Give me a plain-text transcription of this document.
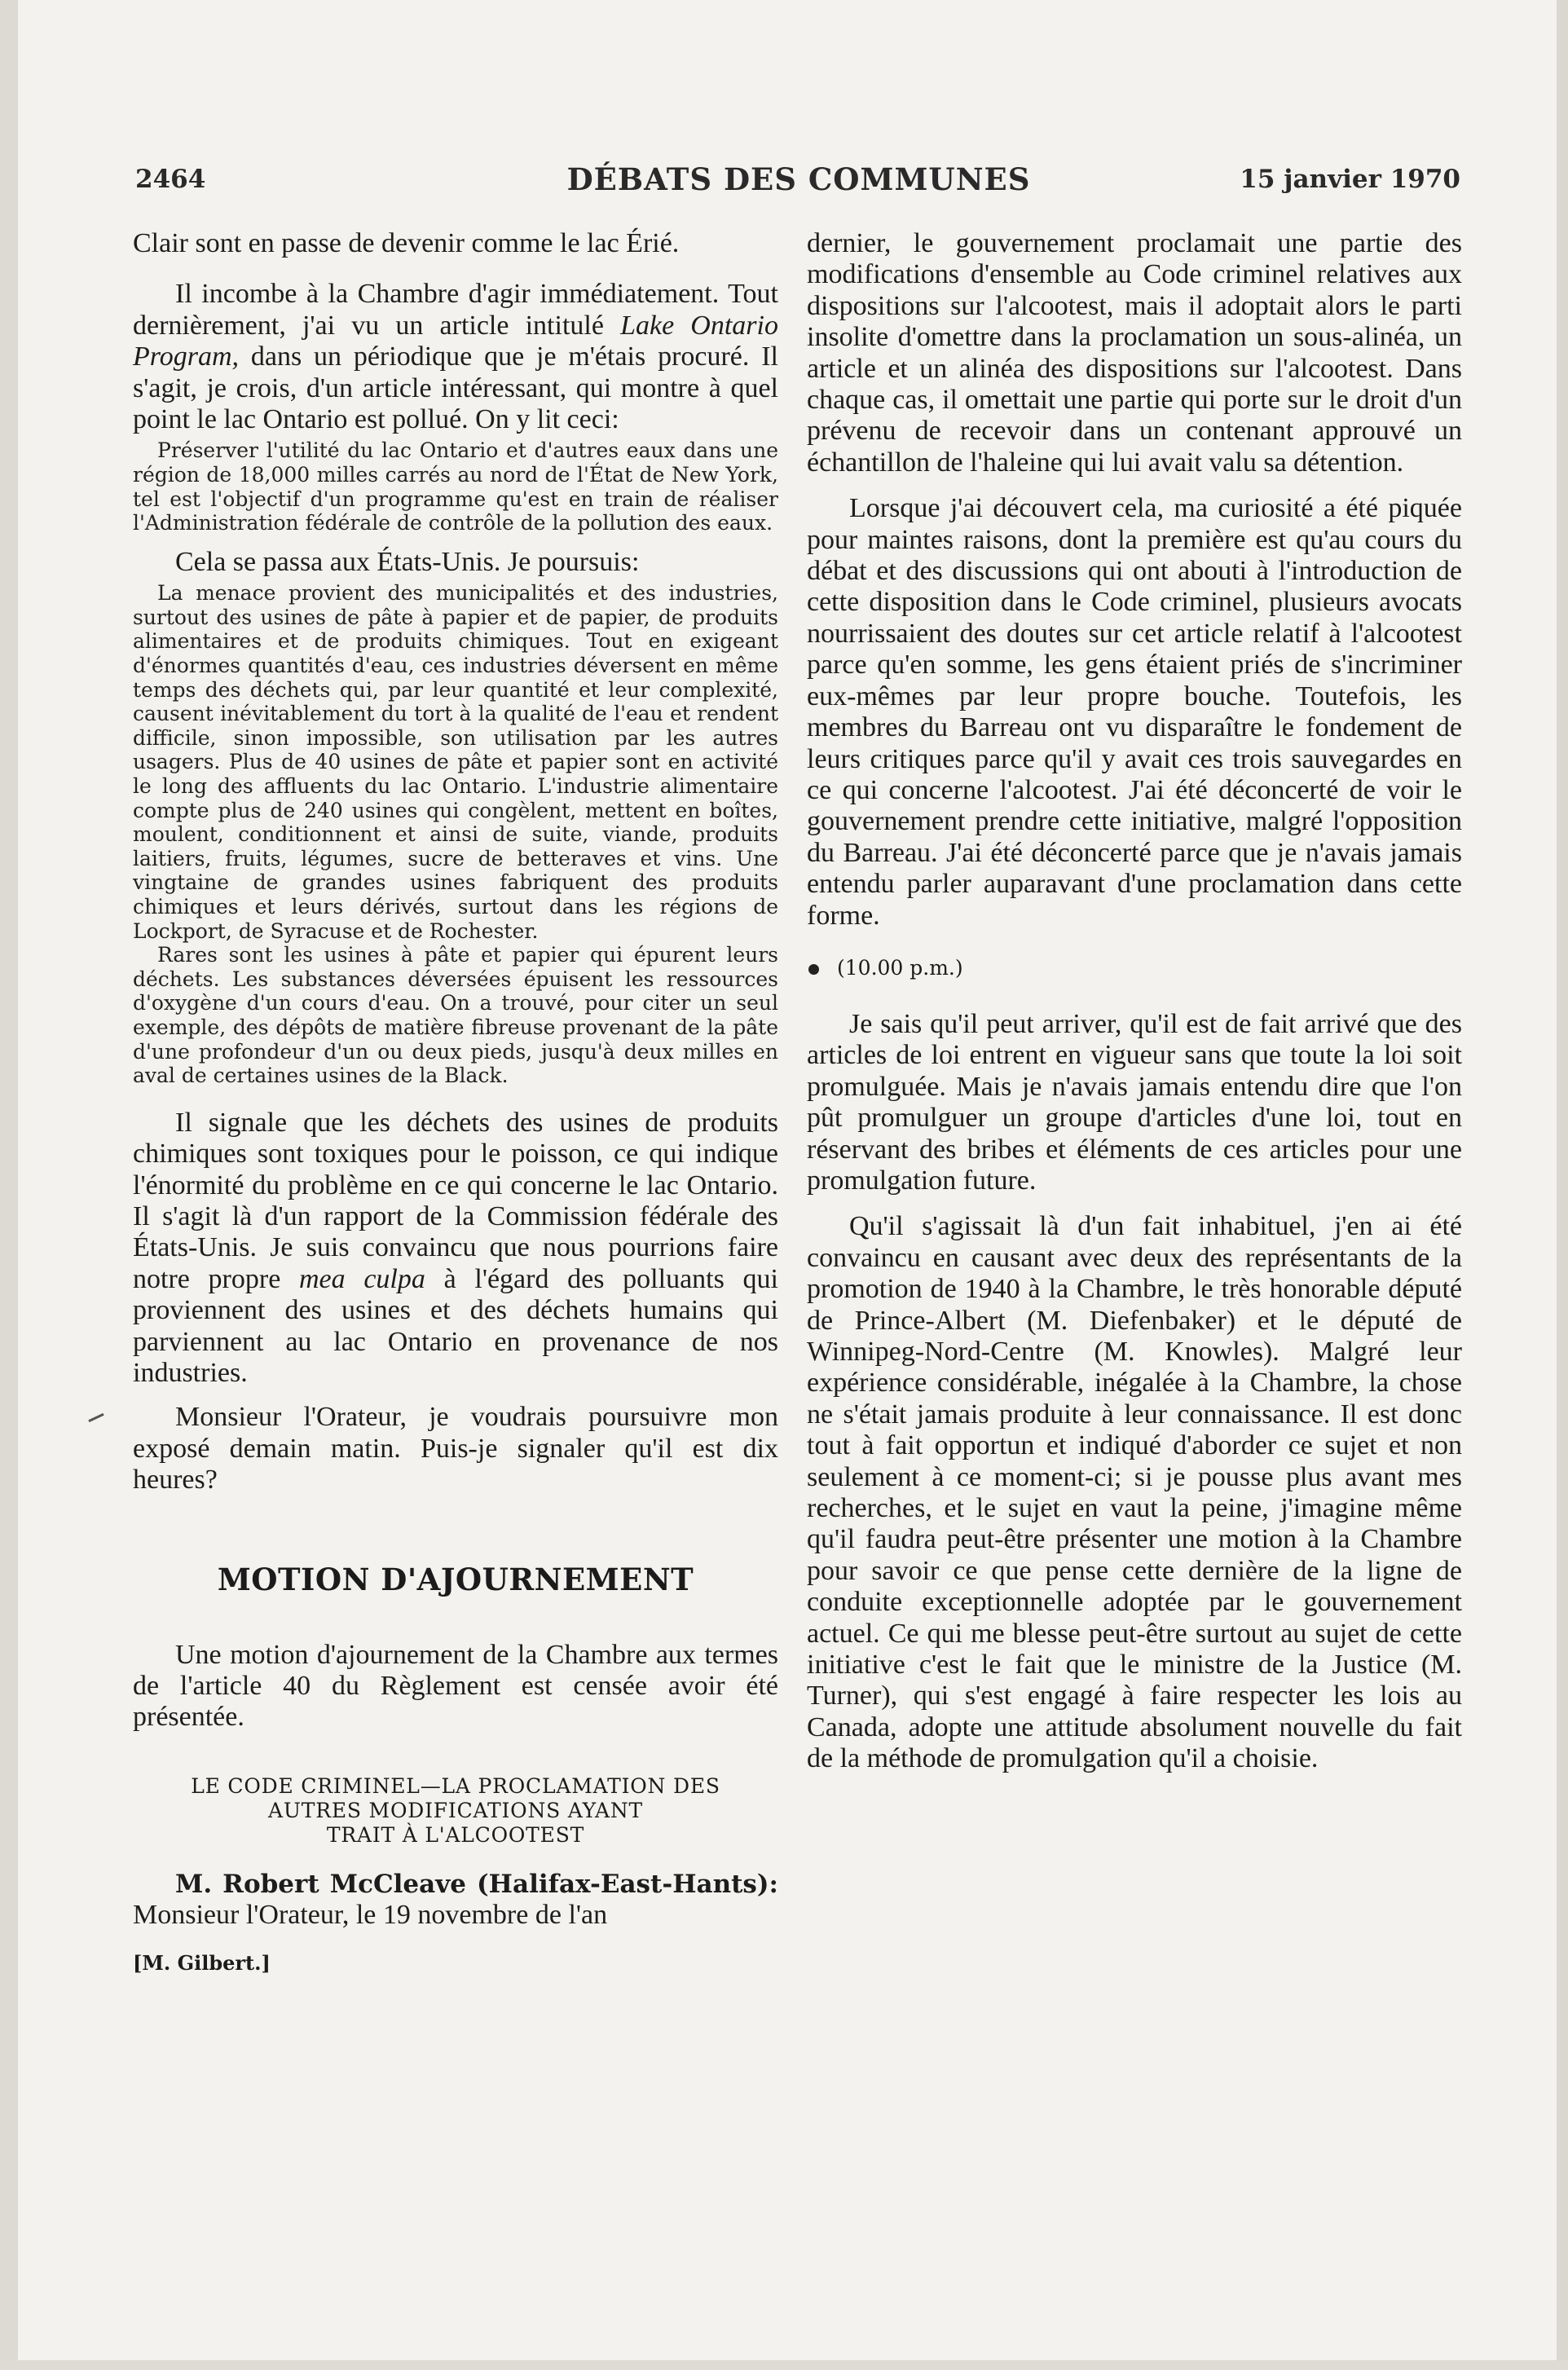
2464	DÉBATS DES COMMUNES	15 janvier 1970

Clair sont en passe de devenir comme le lac Érié.

Il incombe à la Chambre d'agir immédiatement. Tout dernièrement, j'ai vu un article intitulé Lake Ontario Program, dans un périodique que je m'étais procuré. Il s'agit, je crois, d'un article intéressant, qui montre à quel point le lac Ontario est pollué. On y lit ceci:

Préserver l'utilité du lac Ontario et d'autres eaux dans une région de 18,000 milles carrés au nord de l'État de New York, tel est l'objectif d'un programme qu'est en train de réaliser l'Administration fédérale de contrôle de la pollution des eaux.

Cela se passa aux États-Unis. Je poursuis:

La menace provient des municipalités et des industries, surtout des usines de pâte à papier et de papier, de produits alimentaires et de produits chimiques. Tout en exigeant d'énormes quantités d'eau, ces industries déversent en même temps des déchets qui, par leur quantité et leur complexité, causent inévitablement du tort à la qualité de l'eau et rendent difficile, sinon impossible, son utilisation par les autres usagers. Plus de 40 usines de pâte et papier sont en activité le long des affluents du lac Ontario. L'industrie alimentaire compte plus de 240 usines qui congèlent, mettent en boîtes, moulent, conditionnent et ainsi de suite, viande, produits laitiers, fruits, légumes, sucre de betteraves et vins. Une vingtaine de grandes usines fabriquent des produits chimiques et leurs dérivés, surtout dans les régions de Lockport, de Syracuse et de Rochester.

Rares sont les usines à pâte et papier qui épurent leurs déchets. Les substances déversées épuisent les ressources d'oxygène d'un cours d'eau. On a trouvé, pour citer un seul exemple, des dépôts de matière fibreuse provenant de la pâte d'une profondeur d'un ou deux pieds, jusqu'à deux milles en aval de certaines usines de la Black.

Il signale que les déchets des usines de produits chimiques sont toxiques pour le poisson, ce qui indique l'énormité du problème en ce qui concerne le lac Ontario. Il s'agit là d'un rapport de la Commission fédérale des États-Unis. Je suis convaincu que nous pourrions faire notre propre mea culpa à l'égard des polluants qui proviennent des usines et des déchets humains qui parviennent au lac Ontario en provenance de nos industries.

Monsieur l'Orateur, je voudrais poursuivre mon exposé demain matin. Puis-je signaler qu'il est dix heures?

MOTION D'AJOURNEMENT

Une motion d'ajournement de la Chambre aux termes de l'article 40 du Règlement est censée avoir été présentée.

LE CODE CRIMINEL—LA PROCLAMATION DES
AUTRES MODIFICATIONS AYANT
TRAIT À L'ALCOOTEST

M. Robert McCleave (Halifax-East-Hants): Monsieur l'Orateur, le 19 novembre de l'an

[M. Gilbert.]

dernier, le gouvernement proclamait une partie des modifications d'ensemble au Code criminel relatives aux dispositions sur l'alcootest, mais il adoptait alors le parti insolite d'omettre dans la proclamation un sous-alinéa, un article et un alinéa des dispositions sur l'alcootest. Dans chaque cas, il omettait une partie qui porte sur le droit d'un prévenu de recevoir dans un contenant approuvé un échantillon de l'haleine qui lui avait valu sa détention.

Lorsque j'ai découvert cela, ma curiosité a été piquée pour maintes raisons, dont la première est qu'au cours du débat et des discussions qui ont abouti à l'introduction de cette disposition dans le Code criminel, plusieurs avocats nourrissaient des doutes sur cet article relatif à l'alcootest parce qu'en somme, les gens étaient priés de s'incriminer eux-mêmes par leur propre bouche. Toutefois, les membres du Barreau ont vu disparaître le fondement de leurs critiques parce qu'il y avait ces trois sauvegardes en ce qui concerne l'alcootest. J'ai été déconcerté de voir le gouvernement prendre cette initiative, malgré l'opposition du Barreau. J'ai été déconcerté parce que je n'avais jamais entendu parler auparavant d'une proclamation dans cette forme.

(10.00 p.m.)

Je sais qu'il peut arriver, qu'il est de fait arrivé que des articles de loi entrent en vigueur sans que toute la loi soit promulguée. Mais je n'avais jamais entendu dire que l'on pût promulguer un groupe d'articles d'une loi, tout en réservant des bribes et éléments de ces articles pour une promulgation future.

Qu'il s'agissait là d'un fait inhabituel, j'en ai été convaincu en causant avec deux des représentants de la promotion de 1940 à la Chambre, le très honorable député de Prince-Albert (M. Diefenbaker) et le député de Winnipeg-Nord-Centre (M. Knowles). Malgré leur expérience considérable, inégalée à la Chambre, la chose ne s'était jamais produite à leur connaissance. Il est donc tout à fait opportun et indiqué d'aborder ce sujet et non seulement à ce moment-ci; si je pousse plus avant mes recherches, et le sujet en vaut la peine, j'imagine même qu'il faudra peut-être présenter une motion à la Chambre pour savoir ce que pense cette dernière de la ligne de conduite exceptionnelle adoptée par le gouvernement actuel. Ce qui me blesse peut-être surtout au sujet de cette initiative c'est le fait que le ministre de la Justice (M. Turner), qui s'est engagé à faire respecter les lois au Canada, adopte une attitude absolument nouvelle du fait de la méthode de promulgation qu'il a choisie.
